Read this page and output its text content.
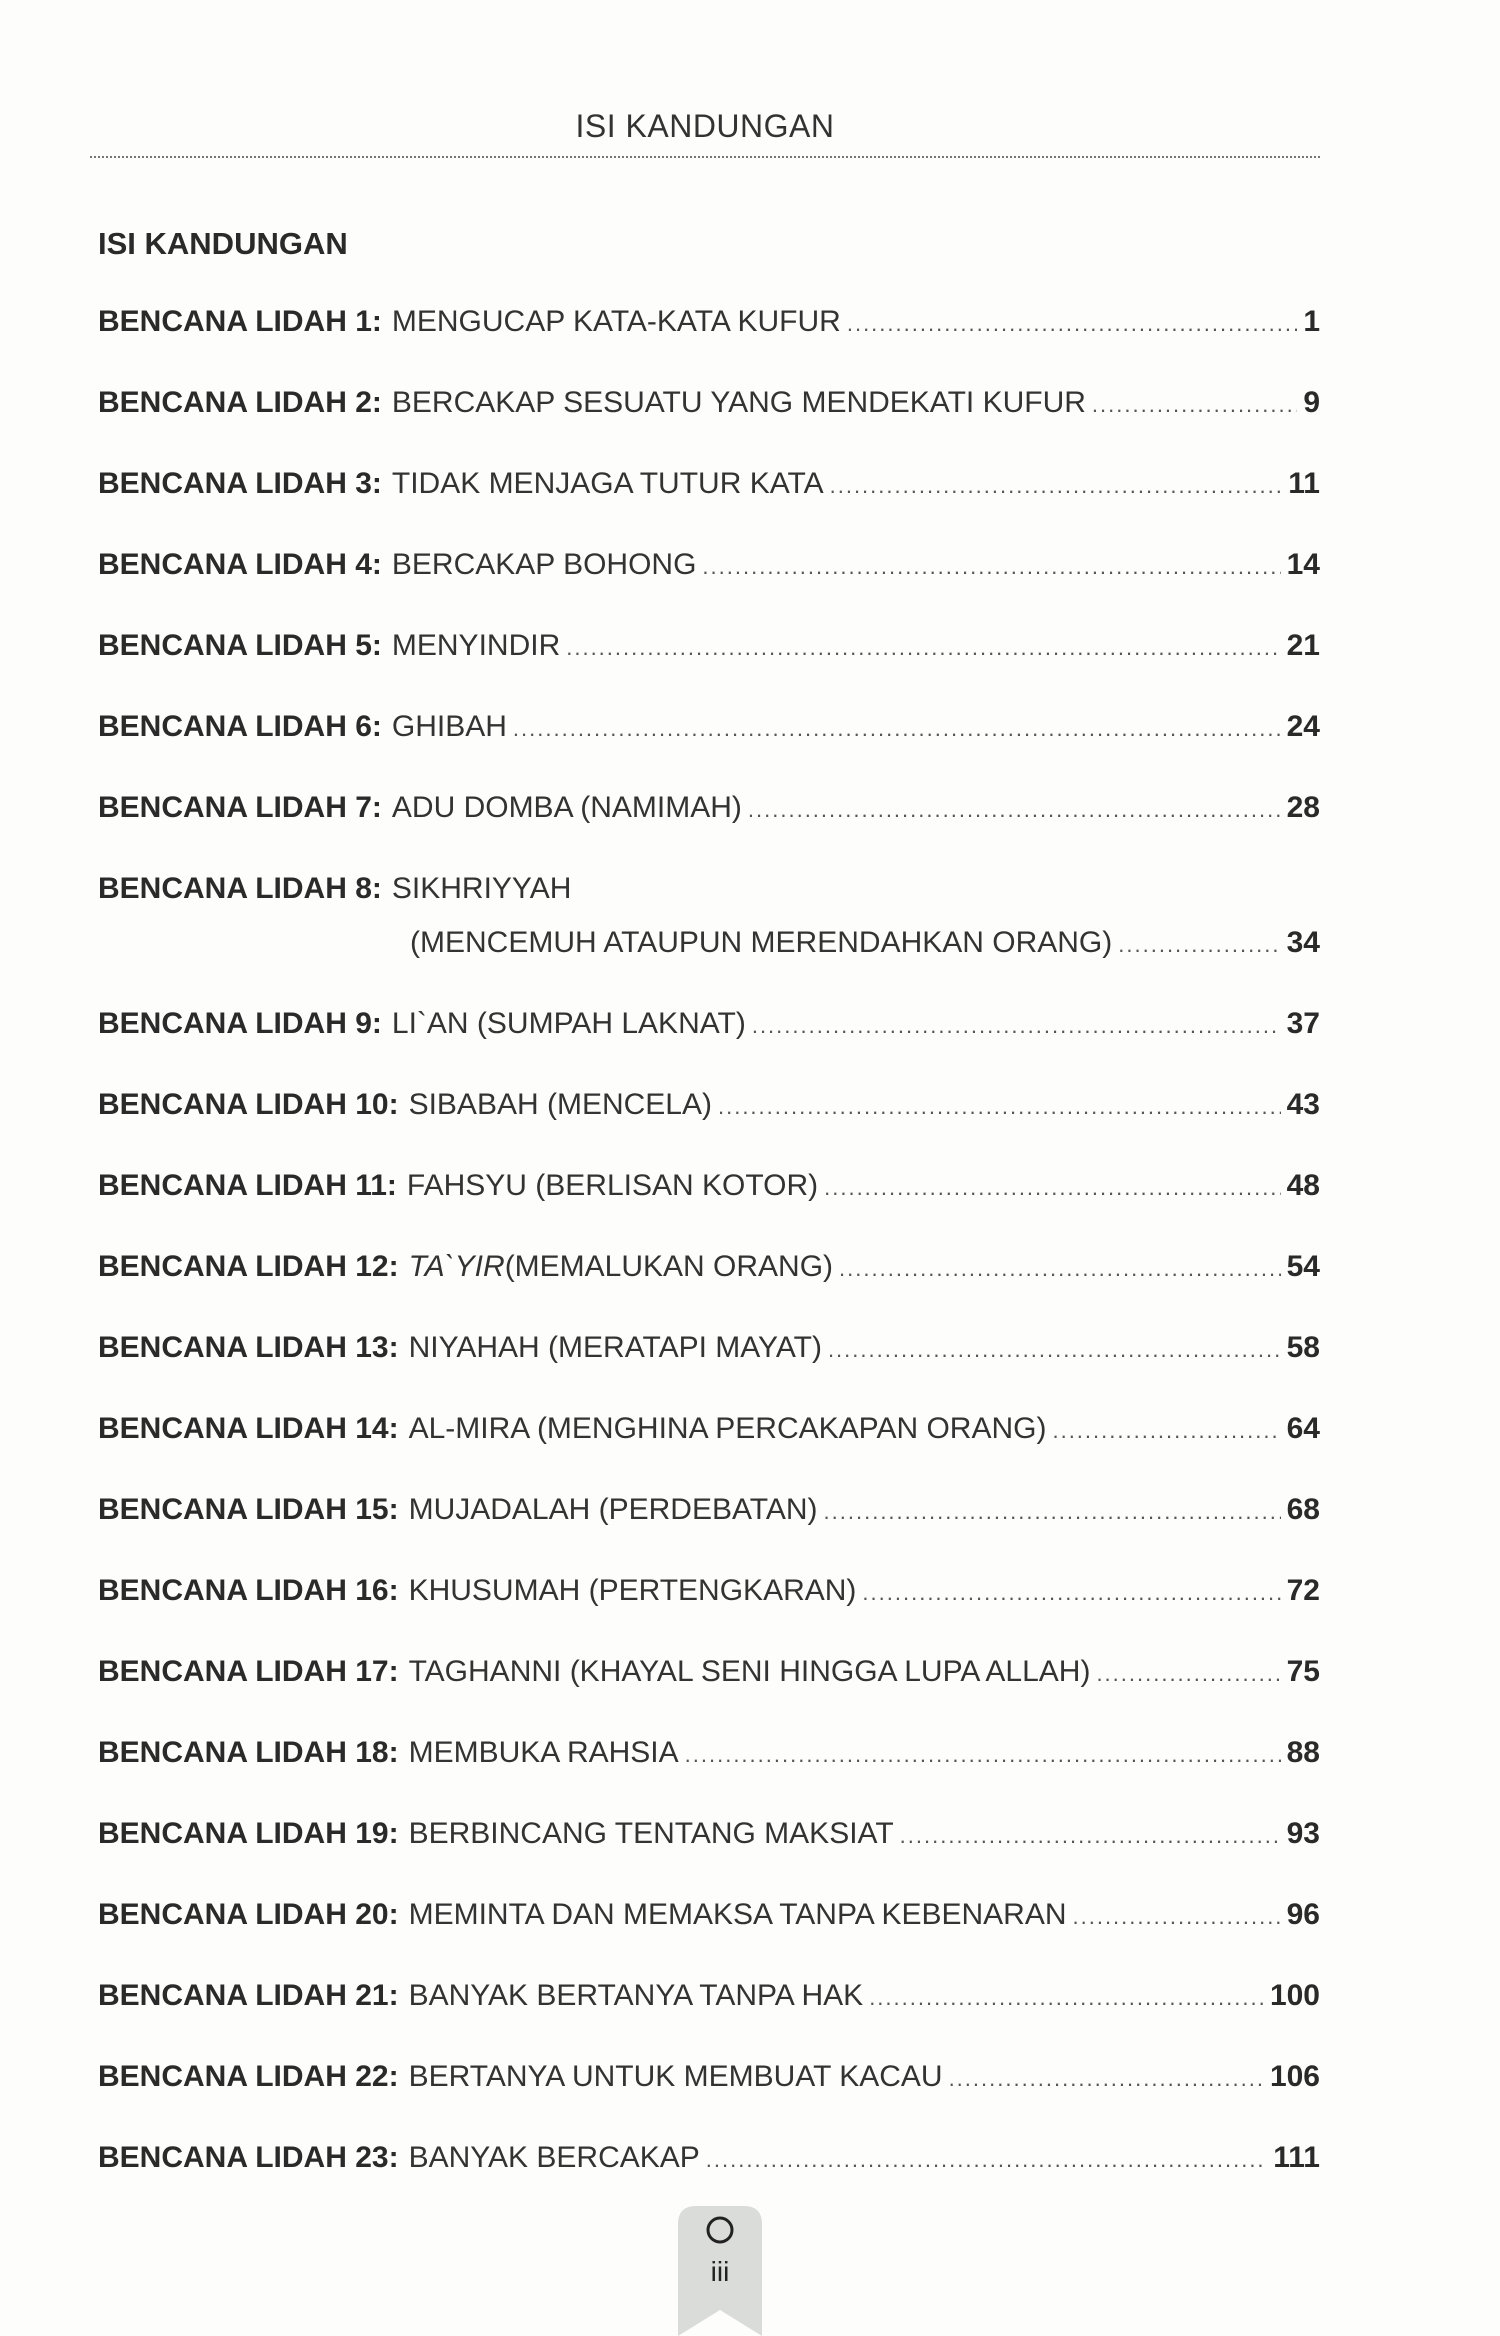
ISI KANDUNGAN
ISI KANDUNGAN
BENCANA LIDAH 1: MENGUCAP KATA-KATA KUFUR .....	1
BENCANA LIDAH 2: BERCAKAP SESUATU YANG MENDEKATI KUFUR .....	9
BENCANA LIDAH 3: TIDAK MENJAGA TUTUR KATA .....	11
BENCANA LIDAH 4: BERCAKAP BOHONG .....	14
BENCANA LIDAH 5: MENYINDIR .....	21
BENCANA LIDAH 6: GHIBAH .....	24
BENCANA LIDAH 7: ADU DOMBA (NAMIMAH) .....	28
BENCANA LIDAH 8: SIKHRIYYAH
(MENCEMUH ATAUPUN MERENDAHKAN ORANG) .....	34
BENCANA LIDAH 9: LI`AN (SUMPAH LAKNAT) .....	37
BENCANA LIDAH 10: SIBABAH (MENCELA) .....	43
BENCANA LIDAH 11: FAHSYU (BERLISAN KOTOR) .....	48
BENCANA LIDAH 12: TA`YIR (MEMALUKAN ORANG) .....	54
BENCANA LIDAH 13: NIYAHAH (MERATAPI MAYAT) .....	58
BENCANA LIDAH 14: AL-MIRA (MENGHINA PERCAKAPAN ORANG) .....	64
BENCANA LIDAH 15: MUJADALAH (PERDEBATAN) .....	68
BENCANA LIDAH 16: KHUSUMAH (PERTENGKARAN) .....	72
BENCANA LIDAH 17: TAGHANNI (KHAYAL SENI HINGGA LUPA ALLAH) .....	75
BENCANA LIDAH 18: MEMBUKA RAHSIA .....	88
BENCANA LIDAH 19: BERBINCANG TENTANG MAKSIAT .....	93
BENCANA LIDAH 20: MEMINTA DAN MEMAKSA TANPA KEBENARAN .....	96
BENCANA LIDAH 21: BANYAK BERTANYA TANPA HAK .....	100
BENCANA LIDAH 22: BERTANYA UNTUK MEMBUAT KACAU .....	106
BENCANA LIDAH 23: BANYAK BERCAKAP .....	111
iii
